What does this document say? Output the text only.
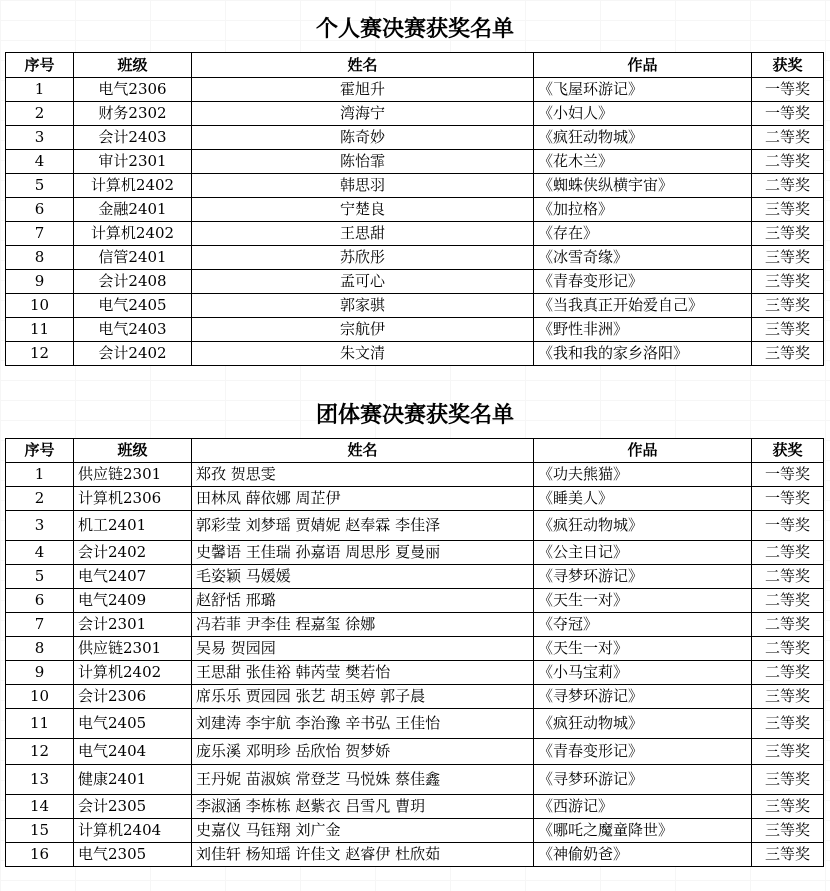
个人赛决赛获奖名单
序号	班级	姓名	作品	获奖
1	电气2306	霍旭升	《飞屋环游记》	一等奖
2	财务2302	湾海宁	《小妇人》	一等奖
3	会计2403	陈奇妙	《疯狂动物城》	二等奖
4	审计2301	陈怡霏	《花木兰》	二等奖
5	计算机2402	韩思羽	《蜘蛛侠纵横宇宙》	二等奖
6	金融2401	宁楚良	《加拉格》	三等奖
7	计算机2402	王思甜	《存在》	三等奖
8	信管2401	苏欣彤	《冰雪奇缘》	三等奖
9	会计2408	孟可心	《青春变形记》	三等奖
10	电气2405	郭家骐	《当我真正开始爱自己》	三等奖
11	电气2403	宗航伊	《野性非洲》	三等奖
12	会计2402	朱文清	《我和我的家乡洛阳》	三等奖
团体赛决赛获奖名单
序号	班级	姓名	作品	获奖
1	供应链2301	郑孜 贺思雯	《功夫熊猫》	一等奖
2	计算机2306	田林凤 薛依娜 周芷伊	《睡美人》	一等奖
3	机工2401	郭彩莹 刘梦瑶 贾婧妮 赵奉霖 李佳泽	《疯狂动物城》	一等奖
4	会计2402	史馨语 王佳瑞 孙嘉语 周思彤 夏曼丽	《公主日记》	二等奖
5	电气2407	毛姿颖 马媛媛	《寻梦环游记》	二等奖
6	电气2409	赵舒恬 邢璐	《天生一对》	二等奖
7	会计2301	冯若菲 尹李佳 程嘉玺 徐娜	《夺冠》	二等奖
8	供应链2301	吴易 贺园园	《天生一对》	二等奖
9	计算机2402	王思甜 张佳裕 韩芮莹 樊若怡	《小马宝莉》	二等奖
10	会计2306	席乐乐 贾园园 张艺 胡玉婷 郭子晨	《寻梦环游记》	三等奖
11	电气2405	刘建涛 李宇航 李治豫 辛书弘 王佳怡	《疯狂动物城》	三等奖
12	电气2404	庞乐溪 邓明珍 岳欣怡 贺梦娇	《青春变形记》	三等奖
13	健康2401	王丹妮 苗淑嫔 常登芝 马悦姝 蔡佳鑫	《寻梦环游记》	三等奖
14	会计2305	李淑涵 李栋栋 赵紫衣 吕雪凡 曹玥	《西游记》	三等奖
15	计算机2404	史嘉仪 马钰翔 刘广金	《哪吒之魔童降世》	三等奖
16	电气2305	刘佳轩 杨知瑶 许佳文 赵睿伊 杜欣茹	《神偷奶爸》	三等奖
